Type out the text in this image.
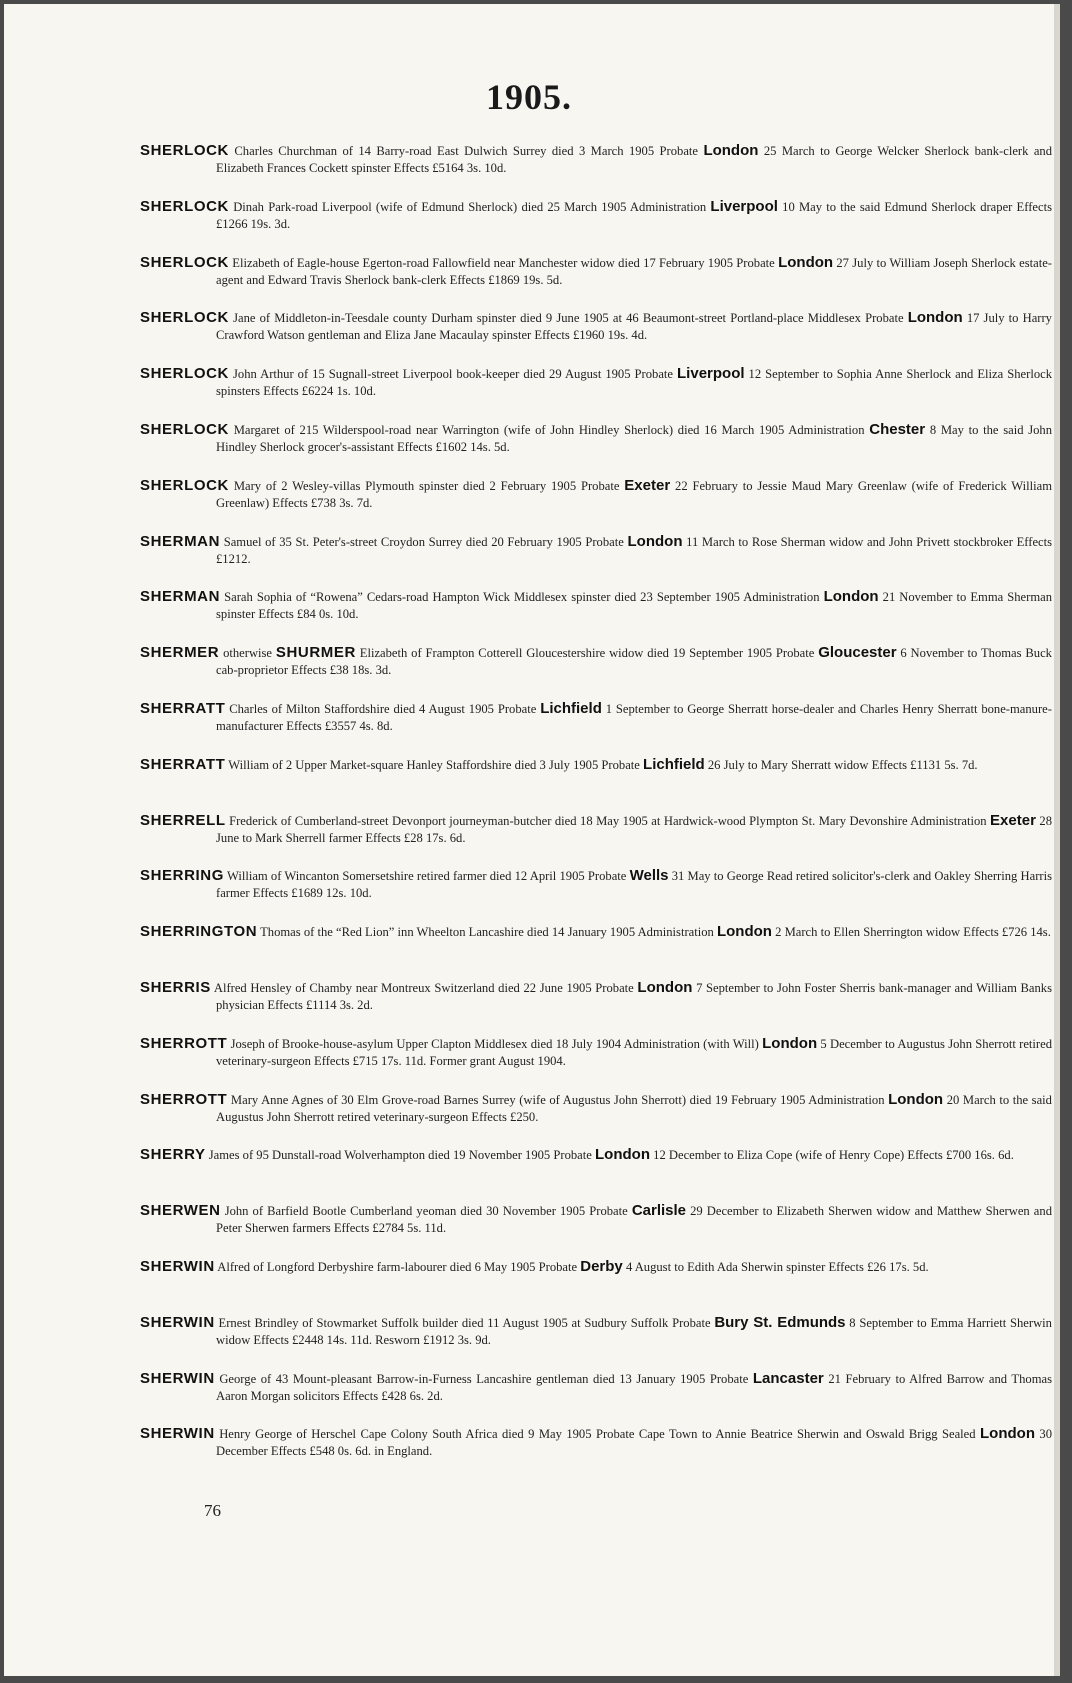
1905.
SHERLOCK Charles Churchman of 14 Barry-road East Dulwich Surrey died 3 March 1905 Probate London 25 March to George Welcker Sherlock bank-clerk and Elizabeth Frances Cockett spinster Effects £5164 3s. 10d.
SHERLOCK Dinah Park-road Liverpool (wife of Edmund Sherlock) died 25 March 1905 Administration Liverpool 10 May to the said Edmund Sherlock draper Effects £1266 19s. 3d.
SHERLOCK Elizabeth of Eagle-house Egerton-road Fallowfield near Manchester widow died 17 February 1905 Probate London 27 July to William Joseph Sherlock estate-agent and Edward Travis Sherlock bank-clerk Effects £1869 19s. 5d.
SHERLOCK Jane of Middleton-in-Teesdale county Durham spinster died 9 June 1905 at 46 Beaumont-street Portland-place Middlesex Probate London 17 July to Harry Crawford Watson gentleman and Eliza Jane Macaulay spinster Effects £1960 19s. 4d.
SHERLOCK John Arthur of 15 Sugnall-street Liverpool book-keeper died 29 August 1905 Probate Liverpool 12 September to Sophia Anne Sherlock and Eliza Sherlock spinsters Effects £6224 1s. 10d.
SHERLOCK Margaret of 215 Wilderspool-road near Warrington (wife of John Hindley Sherlock) died 16 March 1905 Administration Chester 8 May to the said John Hindley Sherlock grocer's-assistant Effects £1602 14s. 5d.
SHERLOCK Mary of 2 Wesley-villas Plymouth spinster died 2 February 1905 Probate Exeter 22 February to Jessie Maud Mary Greenlaw (wife of Frederick William Greenlaw) Effects £738 3s. 7d.
SHERMAN Samuel of 35 St. Peter's-street Croydon Surrey died 20 February 1905 Probate London 11 March to Rose Sherman widow and John Privett stockbroker Effects £1212.
SHERMAN Sarah Sophia of “Rowena” Cedars-road Hampton Wick Middlesex spinster died 23 September 1905 Administration London 21 November to Emma Sherman spinster Effects £84 0s. 10d.
SHERMER otherwise SHURMER Elizabeth of Frampton Cotterell Gloucestershire widow died 19 September 1905 Probate Gloucester 6 November to Thomas Buck cab-proprietor Effects £38 18s. 3d.
SHERRATT Charles of Milton Staffordshire died 4 August 1905 Probate Lichfield 1 September to George Sherratt horse-dealer and Charles Henry Sherratt bone-manure-manufacturer Effects £3557 4s. 8d.
SHERRATT William of 2 Upper Market-square Hanley Staffordshire died 3 July 1905 Probate Lichfield 26 July to Mary Sherratt widow Effects £1131 5s. 7d.
SHERRELL Frederick of Cumberland-street Devonport journeyman-butcher died 18 May 1905 at Hardwick-wood Plympton St. Mary Devonshire Administration Exeter 28 June to Mark Sherrell farmer Effects £28 17s. 6d.
SHERRING William of Wincanton Somersetshire retired farmer died 12 April 1905 Probate Wells 31 May to George Read retired solicitor's-clerk and Oakley Sherring Harris farmer Effects £1689 12s. 10d.
SHERRINGTON Thomas of the “Red Lion” inn Wheelton Lancashire died 14 January 1905 Administration London 2 March to Ellen Sherrington widow Effects £726 14s.
SHERRIS Alfred Hensley of Chamby near Montreux Switzerland died 22 June 1905 Probate London 7 September to John Foster Sherris bank-manager and William Banks physician Effects £1114 3s. 2d.
SHERROTT Joseph of Brooke-house-asylum Upper Clapton Middlesex died 18 July 1904 Administration (with Will) London 5 December to Augustus John Sherrott retired veterinary-surgeon Effects £715 17s. 11d. Former grant August 1904.
SHERROTT Mary Anne Agnes of 30 Elm Grove-road Barnes Surrey (wife of Augustus John Sherrott) died 19 February 1905 Administration London 20 March to the said Augustus John Sherrott retired veterinary-surgeon Effects £250.
SHERRY James of 95 Dunstall-road Wolverhampton died 19 November 1905 Probate London 12 December to Eliza Cope (wife of Henry Cope) Effects £700 16s. 6d.
SHERWEN John of Barfield Bootle Cumberland yeoman died 30 November 1905 Probate Carlisle 29 December to Elizabeth Sherwen widow and Matthew Sherwen and Peter Sherwen farmers Effects £2784 5s. 11d.
SHERWIN Alfred of Longford Derbyshire farm-labourer died 6 May 1905 Probate Derby 4 August to Edith Ada Sherwin spinster Effects £26 17s. 5d.
SHERWIN Ernest Brindley of Stowmarket Suffolk builder died 11 August 1905 at Sudbury Suffolk Probate Bury St. Edmunds 8 September to Emma Harriett Sherwin widow Effects £2448 14s. 11d. Resworn £1912 3s. 9d.
SHERWIN George of 43 Mount-pleasant Barrow-in-Furness Lancashire gentleman died 13 January 1905 Probate Lancaster 21 February to Alfred Barrow and Thomas Aaron Morgan solicitors Effects £428 6s. 2d.
SHERWIN Henry George of Herschel Cape Colony South Africa died 9 May 1905 Probate Cape Town to Annie Beatrice Sherwin and Oswald Brigg Sealed London 30 December Effects £548 0s. 6d. in England.
76
